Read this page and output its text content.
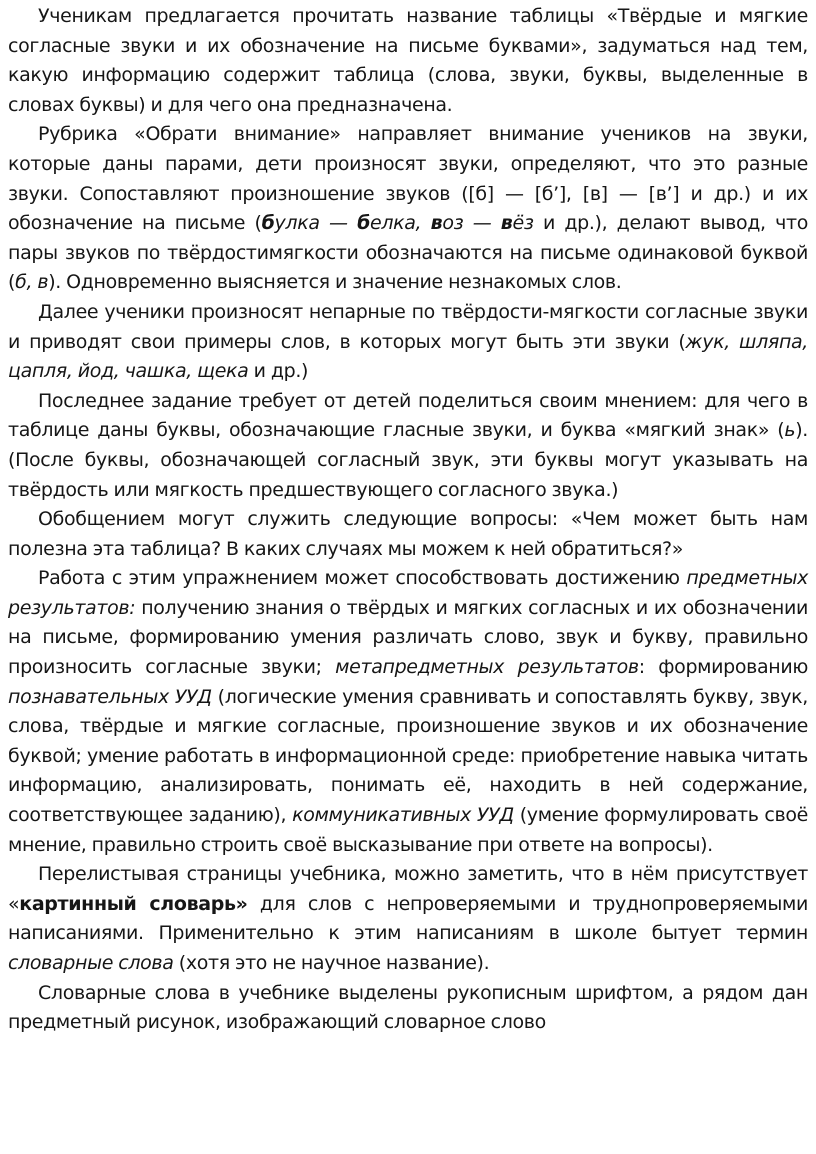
Ученикам предлагается прочитать название таблицы «Твёрдые и мягкие согласные звуки и их обозначение на письме буквами», задуматься над тем, какую информацию содержит таблица (слова, звуки, буквы, выделенные в словах буквы) и для чего она предназначена.

Рубрика «Обрати внимание» направляет внимание учеников на звуки, которые даны парами, дети произносят звуки, определяют, что это разные звуки. Сопоставляют произношение звуков ([б] — [б’], [в] — [в’] и др.) и их обозначение на письме (булка — белка, воз — вёз и др.), делают вывод, что пары звуков по твёрдостимягкости обозначаются на письме одинаковой буквой (б, в). Одновременно выясняется и значение незнакомых слов.

Далее ученики произносят непарные по твёрдости-мягкости согласные звуки и приводят свои примеры слов, в которых могут быть эти звуки (жук, шляпа, цапля, йод, чашка, щека и др.)

Последнее задание требует от детей поделиться своим мнением: для чего в таблице даны буквы, обозначающие гласные звуки, и буква «мягкий знак» (ь). (После буквы, обозначающей согласный звук, эти буквы могут указывать на твёрдость или мягкость предшествующего согласного звука.)

Обобщением могут служить следующие вопросы: «Чем может быть нам полезна эта таблица? В каких случаях мы можем к ней обратиться?»

Работа с этим упражнением может способствовать достижению предметных результатов: получению знания о твёрдых и мягких согласных и их обозначении на письме, формированию умения различать слово, звук и букву, правильно произносить согласные звуки; метапредметных результатов: формированию познавательных УУД (логические умения сравнивать и сопоставлять букву, звук, слова, твёрдые и мягкие согласные, произношение звуков и их обозначение буквой; умение работать в информационной среде: приобретение навыка читать информацию, анализировать, понимать её, находить в ней содержание, соответствующее заданию), коммуникативных УУД (умение формулировать своё мнение, правильно строить своё высказывание при ответе на вопросы).

Перелистывая страницы учебника, можно заметить, что в нём присутствует «картинный словарь» для слов с непроверяемыми и труднопроверяемыми написаниями. Применительно к этим написаниям в школе бытует термин словарные слова (хотя это не научное название).

Словарные слова в учебнике выделены рукописным шрифтом, а рядом дан предметный рисунок, изображающий словарное слово
